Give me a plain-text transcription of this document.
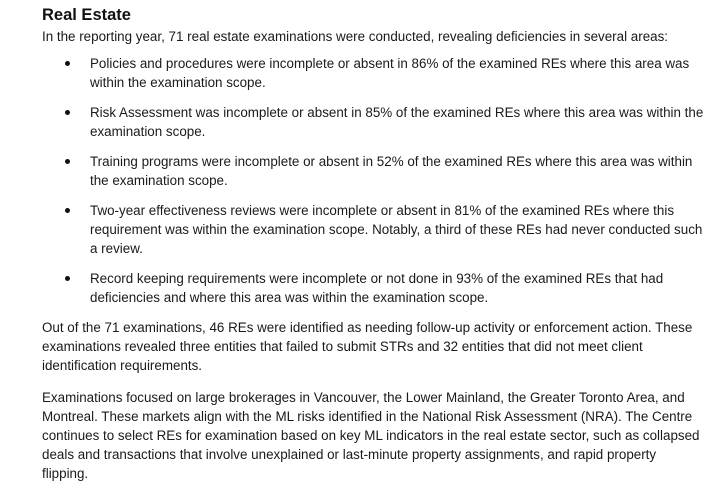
Real Estate

In the reporting year, 71 real estate examinations were conducted, revealing deficiencies in several areas:

Policies and procedures were incomplete or absent in 86% of the examined REs where this area was within the examination scope.
Risk Assessment was incomplete or absent in 85% of the examined REs where this area was within the examination scope.
Training programs were incomplete or absent in 52% of the examined REs where this area was within the examination scope.
Two-year effectiveness reviews were incomplete or absent in 81% of the examined REs where this requirement was within the examination scope. Notably, a third of these REs had never conducted such a review.
Record keeping requirements were incomplete or not done in 93% of the examined REs that had deficiencies and where this area was within the examination scope.

Out of the 71 examinations, 46 REs were identified as needing follow-up activity or enforcement action. These examinations revealed three entities that failed to submit STRs and 32 entities that did not meet client identification requirements.

Examinations focused on large brokerages in Vancouver, the Lower Mainland, the Greater Toronto Area, and Montreal. These markets align with the ML risks identified in the National Risk Assessment (NRA). The Centre continues to select REs for examination based on key ML indicators in the real estate sector, such as collapsed deals and transactions that involve unexplained or last-minute property assignments, and rapid property flipping.
